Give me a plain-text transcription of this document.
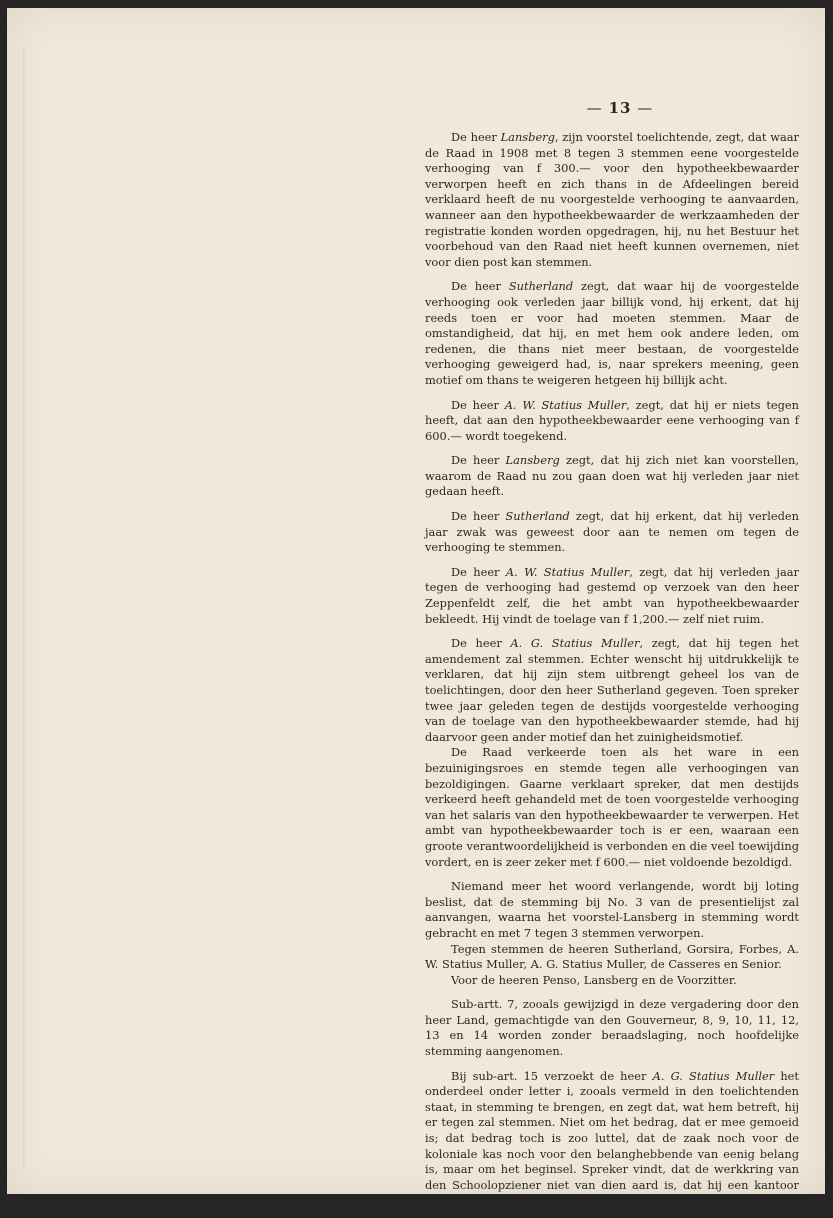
— 13 —

De heer Lansberg, zijn voorstel toelichtende, zegt, dat waar de Raad in 1908 met 8 tegen 3 stemmen eene voorgestelde verhooging van f 300.— voor den hypotheekbewaarder verworpen heeft en zich thans in de Afdeelingen bereid verklaard heeft de nu voorgestelde verhooging te aanvaarden, wanneer aan den hypotheekbewaarder de werkzaamheden der registratie konden worden opgedragen, hij, nu het Bestuur het voorbehoud van den Raad niet heeft kunnen overnemen, niet voor dien post kan stemmen.

De heer Sutherland zegt, dat waar hij de voorgestelde verhooging ook verleden jaar billijk vond, hij erkent, dat hij reeds toen er voor had moeten stemmen. Maar de omstandigheid, dat hij, en met hem ook andere leden, om redenen, die thans niet meer bestaan, de voorgestelde verhooging geweigerd had, is, naar sprekers meening, geen motief om thans te weigeren hetgeen hij billijk acht.

De heer A. W. Statius Muller, zegt, dat hij er niets tegen heeft, dat aan den hypotheekbewaarder eene verhooging van f 600.— wordt toegekend.

De heer Lansberg zegt, dat hij zich niet kan voorstellen, waarom de Raad nu zou gaan doen wat hij verleden jaar niet gedaan heeft.

De heer Sutherland zegt, dat hij erkent, dat hij verleden jaar zwak was geweest door aan te nemen om tegen de verhooging te stemmen.

De heer A. W. Statius Muller, zegt, dat hij verleden jaar tegen de verhooging had gestemd op verzoek van den heer Zeppenfeldt zelf, die het ambt van hypotheekbewaarder bekleedt. Hij vindt de toelage van f 1,200.— zelf niet ruim.

De heer A. G. Statius Muller, zegt, dat hij tegen het amendement zal stemmen. Echter wenscht hij uitdrukkelijk te verklaren, dat hij zijn stem uitbrengt geheel los van de toelichtingen, door den heer Sutherland gegeven. Toen spreker twee jaar geleden tegen de destijds voorgestelde verhooging van de toelage van den hypotheekbewaarder stemde, had hij daarvoor geen ander motief dan het zuinigheidsmotief.

De Raad verkeerde toen als het ware in een bezuinigingsroes en stemde tegen alle verhoogingen van bezoldigingen. Gaarne verklaart spreker, dat men destijds verkeerd heeft gehandeld met de toen voorgestelde verhooging van het salaris van den hypotheekbewaarder te verwerpen. Het ambt van hypotheekbewaarder toch is er een, waaraan een groote verantwoordelijkheid is verbonden en die veel toewijding vordert, en is zeer zeker met f 600.— niet voldoende bezoldigd.

Niemand meer het woord verlangende, wordt bij loting beslist, dat de stemming bij No. 3 van de presentielijst zal aanvangen, waarna het voorstel-Lansberg in stemming wordt gebracht en met 7 tegen 3 stemmen verworpen.

Tegen stemmen de heeren Sutherland, Gorsira, Forbes, A. W. Statius Muller, A. G. Statius Muller, de Casseres en Senior.

Voor de heeren Penso, Lansberg en de Voorzitter.

Sub-artt. 7, zooals gewijzigd in deze vergadering door den heer Land, gemachtigde van den Gouverneur, 8, 9, 10, 11, 12, 13 en 14 worden zonder beraadslaging, noch hoofdelijke stemming aangenomen.

Bij sub-art. 15 verzoekt de heer A. G. Statius Muller het onderdeel onder letter i, zooals vermeld in den toelichtenden staat, in stemming te brengen, en zegt dat, wat hem betreft, hij er tegen zal stemmen. Niet om het bedrag, dat er mee gemoeid is; dat bedrag toch is zoo luttel, dat de zaak noch voor de koloniale kas noch voor den belanghebbende van eenig belang is, maar om het beginsel. Spreker vindt, dat de werkkring van den Schoolopziener niet van dien aard is, dat hij een kantoor zou moeten hebben. De aanloop van personen
